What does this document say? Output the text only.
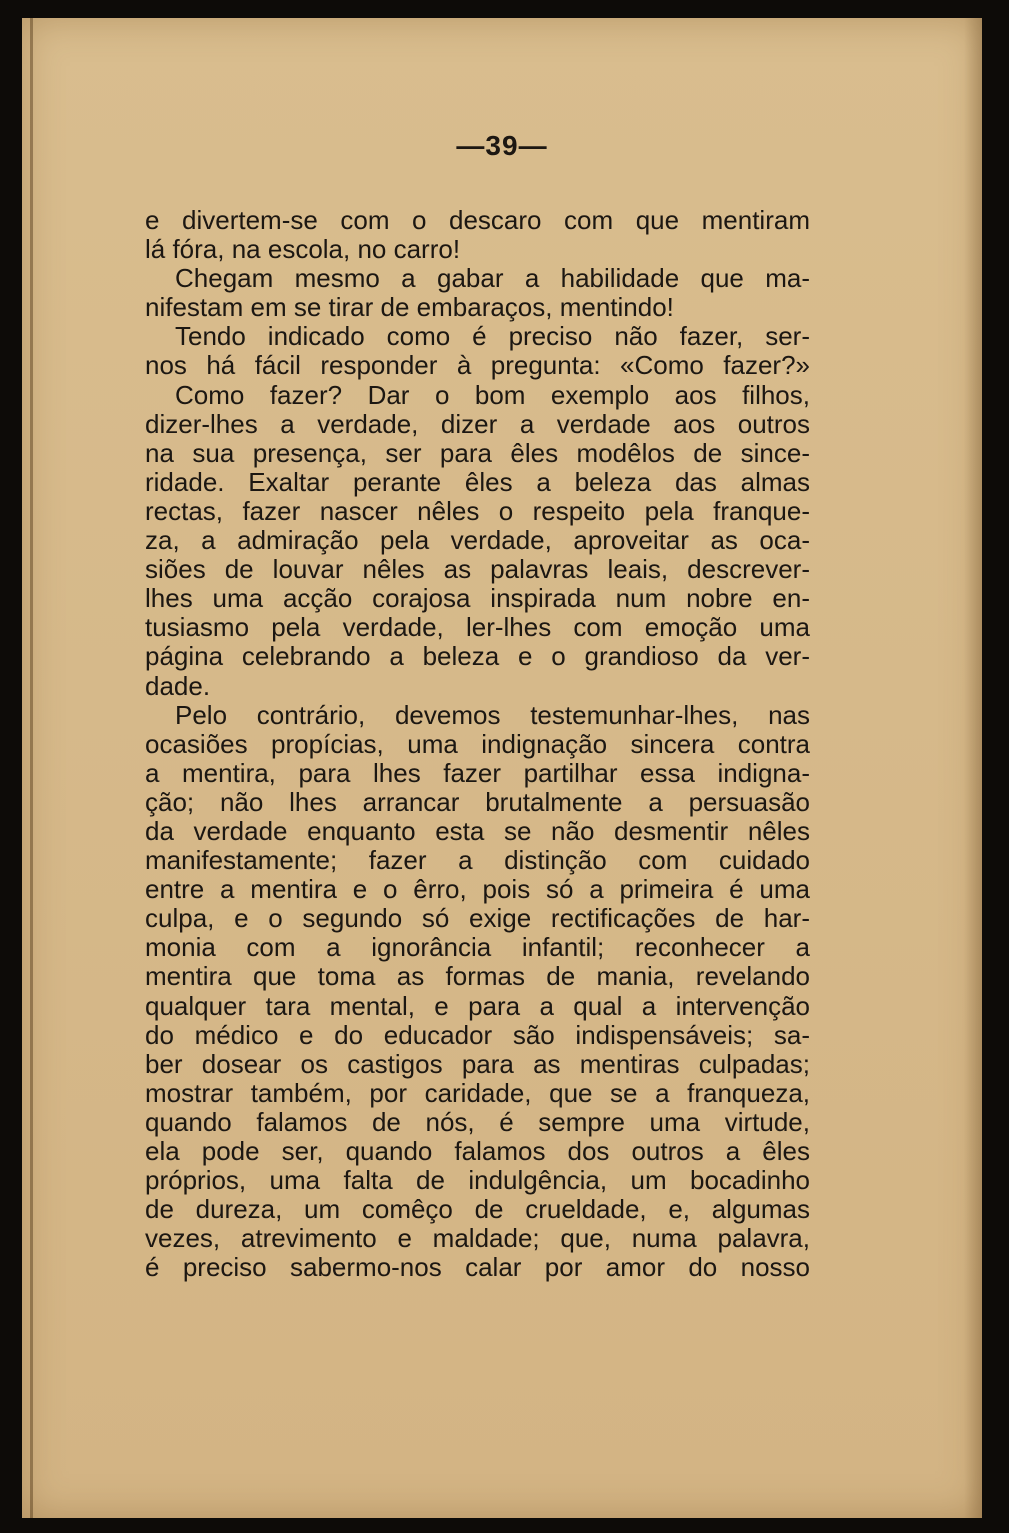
—39—
e divertem-se com o descaro com que mentiram
lá fóra, na escola, no carro!
Chegam mesmo a gabar a habilidade que ma-
nifestam em se tirar de embaraços, mentindo!
Tendo indicado como é preciso não fazer, ser-
nos há fácil responder à pregunta: «Como fazer?»
Como fazer? Dar o bom exemplo aos filhos,
dizer-lhes a verdade, dizer a verdade aos outros
na sua presença, ser para êles modêlos de since-
ridade. Exaltar perante êles a beleza das almas
rectas, fazer nascer nêles o respeito pela franque-
za, a admiração pela verdade, aproveitar as oca-
siões de louvar nêles as palavras leais, descrever-
lhes uma acção corajosa inspirada num nobre en-
tusiasmo pela verdade, ler-lhes com emoção uma
página celebrando a beleza e o grandioso da ver-
dade.
Pelo contrário, devemos testemunhar-lhes, nas
ocasiões propícias, uma indignação sincera contra
a mentira, para lhes fazer partilhar essa indigna-
ção; não lhes arrancar brutalmente a persuasão
da verdade enquanto esta se não desmentir nêles
manifestamente; fazer a distinção com cuidado
entre a mentira e o êrro, pois só a primeira é uma
culpa, e o segundo só exige rectificações de har-
monia com a ignorância infantil; reconhecer a
mentira que toma as formas de mania, revelando
qualquer tara mental, e para a qual a intervenção
do médico e do educador são indispensáveis; sa-
ber dosear os castigos para as mentiras culpadas;
mostrar também, por caridade, que se a franqueza,
quando falamos de nós, é sempre uma virtude,
ela pode ser, quando falamos dos outros a êles
próprios, uma falta de indulgência, um bocadinho
de dureza, um comêço de crueldade, e, algumas
vezes, atrevimento e maldade; que, numa palavra,
é preciso sabermo-nos calar por amor do nosso
